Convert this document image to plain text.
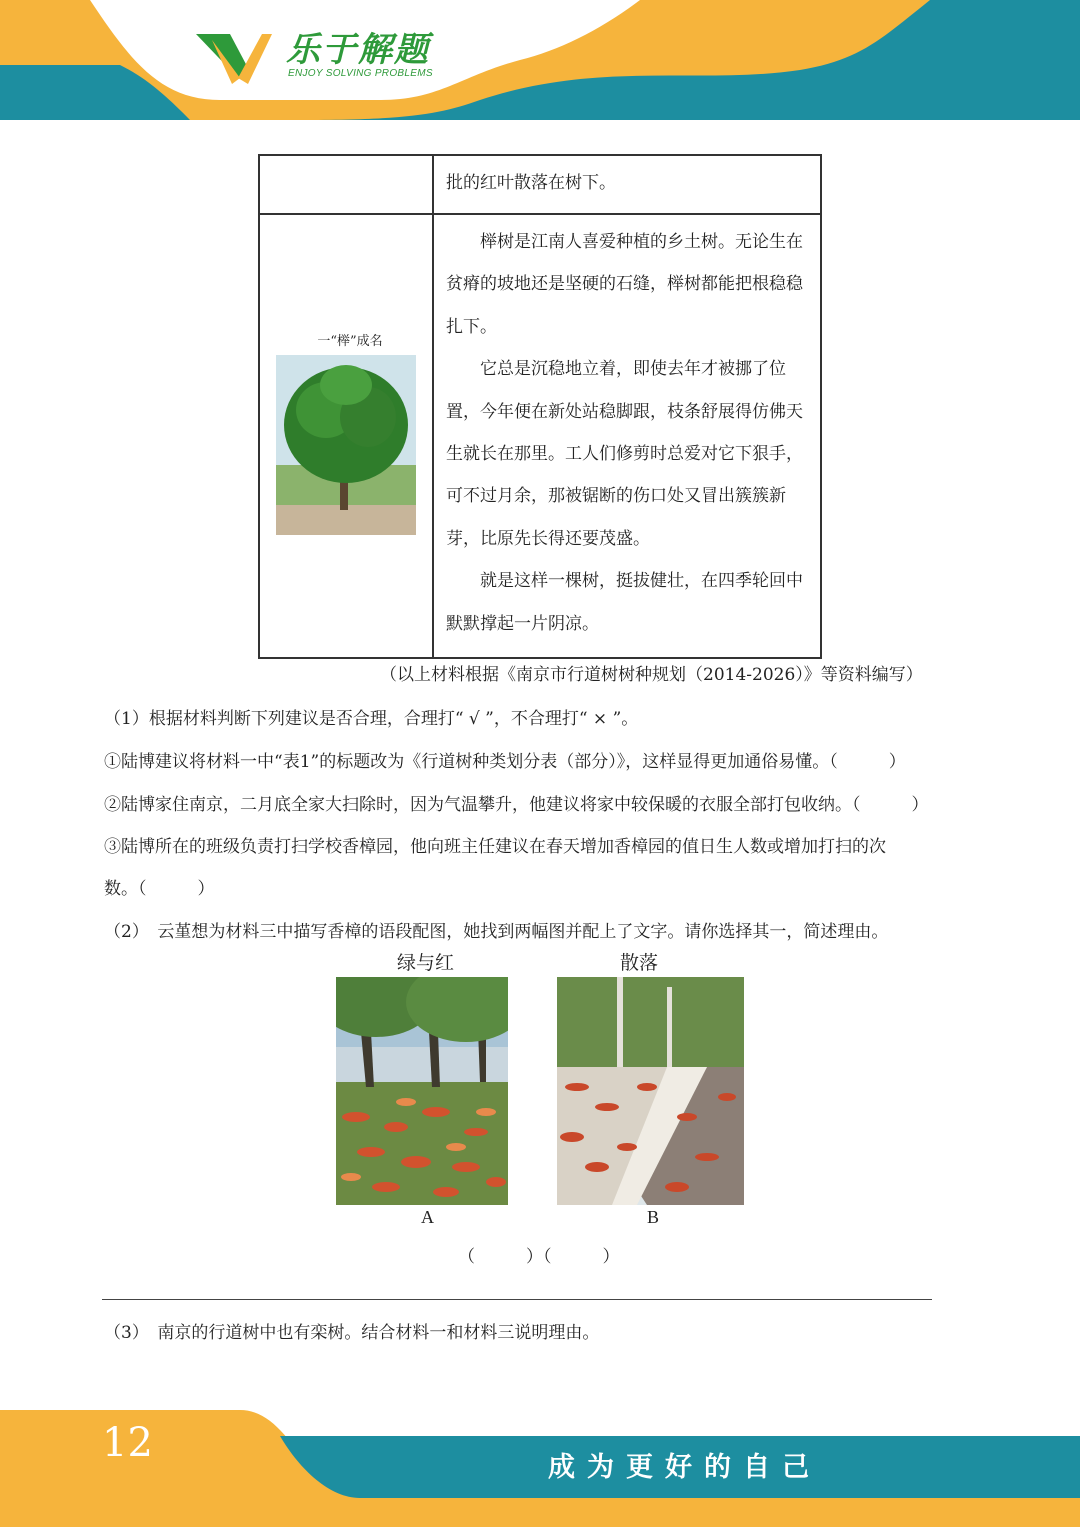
乐于解题
ENJOY SOLVING PROBLEMS
	批的红叶散落在树下。

一“榉”成名	榉树是江南人喜爱种植的乡土树。无论生在贫瘠的坡地还是坚硬的石缝，榉树都能把根稳稳扎下。

它总是沉稳地立着，即使去年才被挪了位置，今年便在新处站稳脚跟，枝条舒展得仿佛天生就长在那里。工人们修剪时总爱对它下狠手，可不过月余，那被锯断的伤口处又冒出簇簇新芽，比原先长得还要茂盛。

就是这样一棵树，挺拔健壮，在四季轮回中默默撑起一片阴凉。

（以上材料根据《南京市行道树树种规划（2014-2026）》等资料编写）
（1）根据材料判断下列建议是否合理，合理打“ √ ”，不合理打“ × ”。
①陆博建议将材料一中“表1”的标题改为《行道树种类划分表（部分）》，这样显得更加通俗易懂。（　　　）
②陆博家住南京，二月底全家大扫除时，因为气温攀升，他建议将家中较保暖的衣服全部打包收纳。（　　　）
③陆博所在的班级负责打扫学校香樟园，他向班主任建议在春天增加香樟园的值日生人数或增加打扫的次
数。（　　　）
（2）　云堇想为材料三中描写香樟的语段配图，她找到两幅图并配上了文字。请你选择其一，简述理由。
绿与红	散落
A	B
（　　　）（　　　）
（3）　南京的行道树中也有栾树。结合材料一和材料三说明理由。
12
成为更好的自己
